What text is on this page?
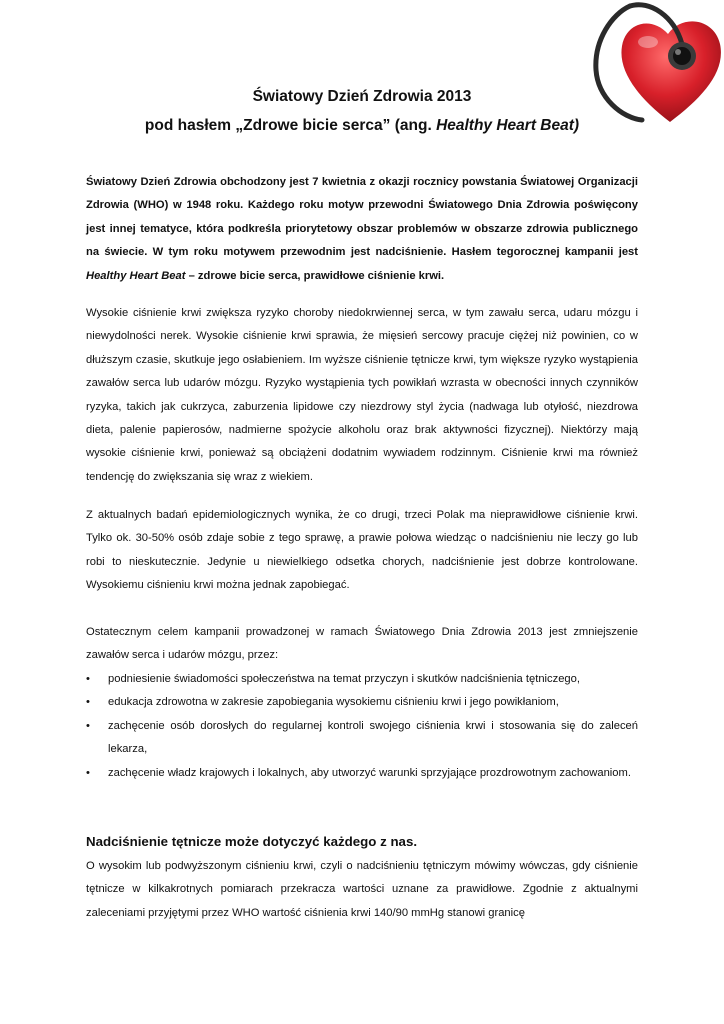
Światowy Dzień Zdrowia 2013

pod hasłem „Zdrowe bicie serca” (ang. Healthy Heart Beat)

Światowy Dzień Zdrowia obchodzony jest 7 kwietnia z okazji rocznicy powstania Światowej Organizacji Zdrowia (WHO) w 1948 roku. Każdego roku motyw przewodni Światowego Dnia Zdrowia poświęcony jest innej tematyce, która podkreśla priorytetowy obszar problemów w obszarze zdrowia publicznego na świecie. W tym roku motywem przewodnim jest nadciśnienie. Hasłem tegorocznej kampanii jest Healthy Heart Beat – zdrowe bicie serca, prawidłowe ciśnienie krwi.

Wysokie ciśnienie krwi zwiększa ryzyko choroby niedokrwiennej serca, w tym zawału serca, udaru mózgu i niewydolności nerek. Wysokie ciśnienie krwi sprawia, że mięsień sercowy pracuje ciężej niż powinien, co w dłuższym czasie, skutkuje jego osłabieniem. Im wyższe ciśnienie tętnicze krwi, tym większe ryzyko wystąpienia zawałów serca lub udarów mózgu. Ryzyko wystąpienia tych powikłań wzrasta w obecności innych czynników ryzyka, takich jak cukrzyca, zaburzenia lipidowe czy niezdrowy styl życia (nadwaga lub otyłość, niezdrowa dieta, palenie papierosów, nadmierne spożycie alkoholu oraz brak aktywności fizycznej). Niektórzy mają wysokie ciśnienie krwi, ponieważ są obciążeni dodatnim wywiadem rodzinnym. Ciśnienie krwi ma również tendencję do zwiększania się wraz z wiekiem.

Z aktualnych badań epidemiologicznych wynika, że co drugi, trzeci Polak ma nieprawidłowe ciśnienie krwi. Tylko ok. 30-50% osób zdaje sobie z tego sprawę, a prawie połowa wiedząc o nadciśnieniu nie leczy go lub robi to nieskutecznie. Jedynie u niewielkiego odsetka chorych, nadciśnienie jest dobrze kontrolowane. Wysokiemu ciśnieniu krwi można jednak zapobiegać.

Ostatecznym celem kampanii prowadzonej w ramach Światowego Dnia Zdrowia 2013 jest zmniejszenie zawałów serca i udarów mózgu, przez:

• podniesienie świadomości społeczeństwa na temat przyczyn i skutków nadciśnienia tętniczego,
• edukacja zdrowotna w zakresie zapobiegania wysokiemu ciśnieniu krwi i jego powikłaniom,
• zachęcenie osób dorosłych do regularnej kontroli swojego ciśnienia krwi i stosowania się do zaleceń lekarza,
• zachęcenie władz krajowych i lokalnych, aby utworzyć warunki sprzyjające prozdrowotnym zachowaniom.

Nadciśnienie tętnicze może dotyczyć każdego z nas.

O wysokim lub podwyższonym ciśnieniu krwi, czyli o nadciśnieniu tętniczym mówimy wówczas, gdy ciśnienie tętnicze w kilkakrotnych pomiarach przekracza wartości uznane za prawidłowe. Zgodnie z aktualnymi zaleceniami przyjętymi przez WHO wartość ciśnienia krwi 140/90 mmHg stanowi granicę
